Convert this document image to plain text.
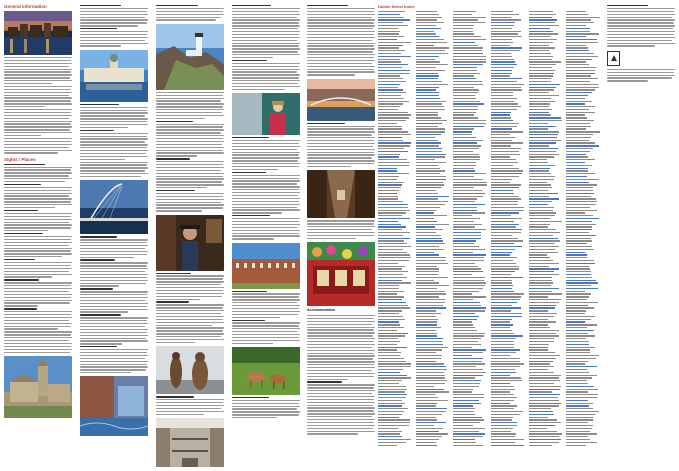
General Information
Sights / Places
Accommodation
Dublin Street Index
